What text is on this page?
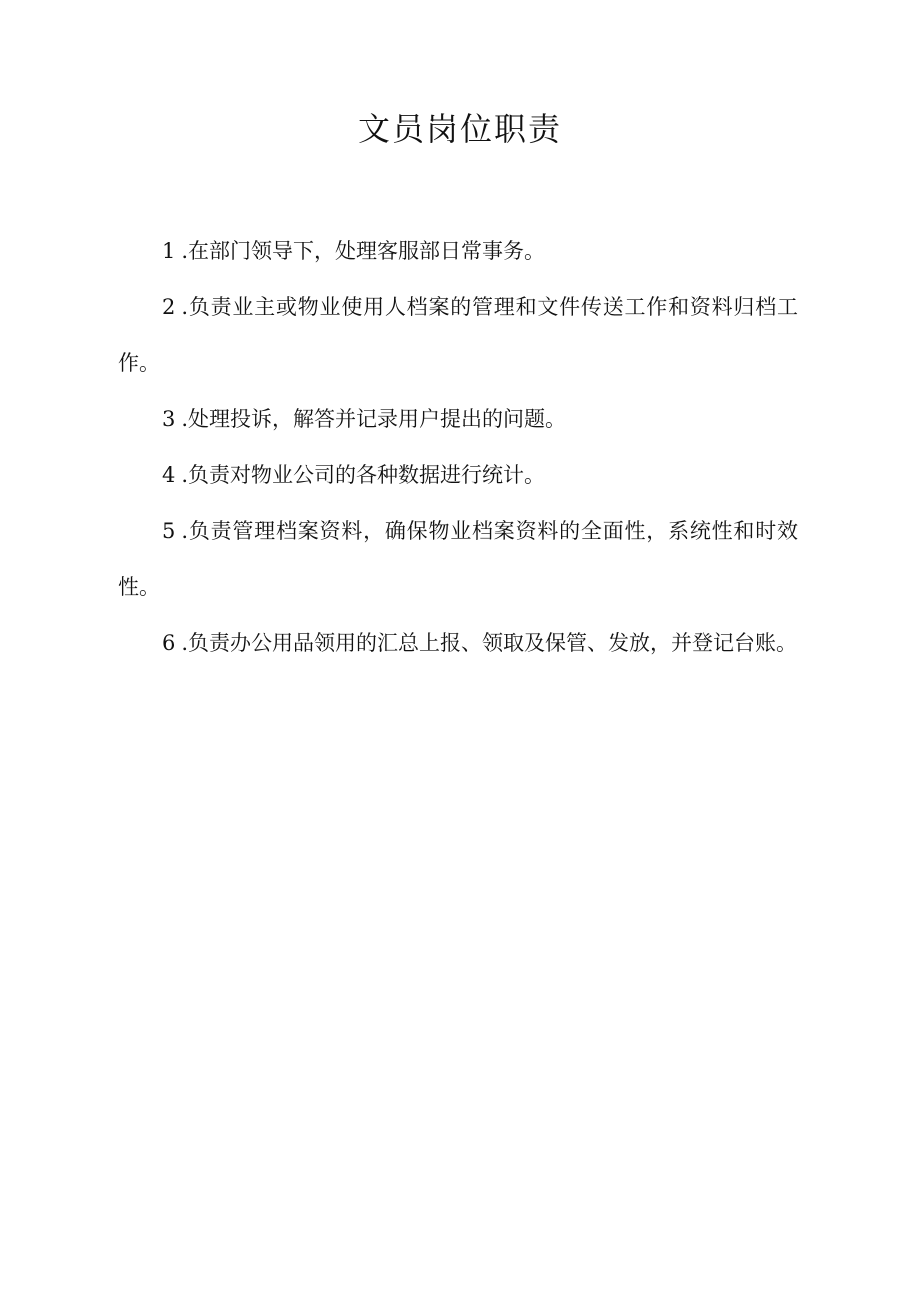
文员岗位职责

1 .在部门领导下，处理客服部日常事务。

2 .负责业主或物业使用人档案的管理和文件传送工作和资料归档工作。

3 .处理投诉，解答并记录用户提出的问题。

4 .负责对物业公司的各种数据进行统计。

5 .负责管理档案资料，确保物业档案资料的全面性，系统性和时效性。

6 .负责办公用品领用的汇总上报、领取及保管、发放，并登记台账。
